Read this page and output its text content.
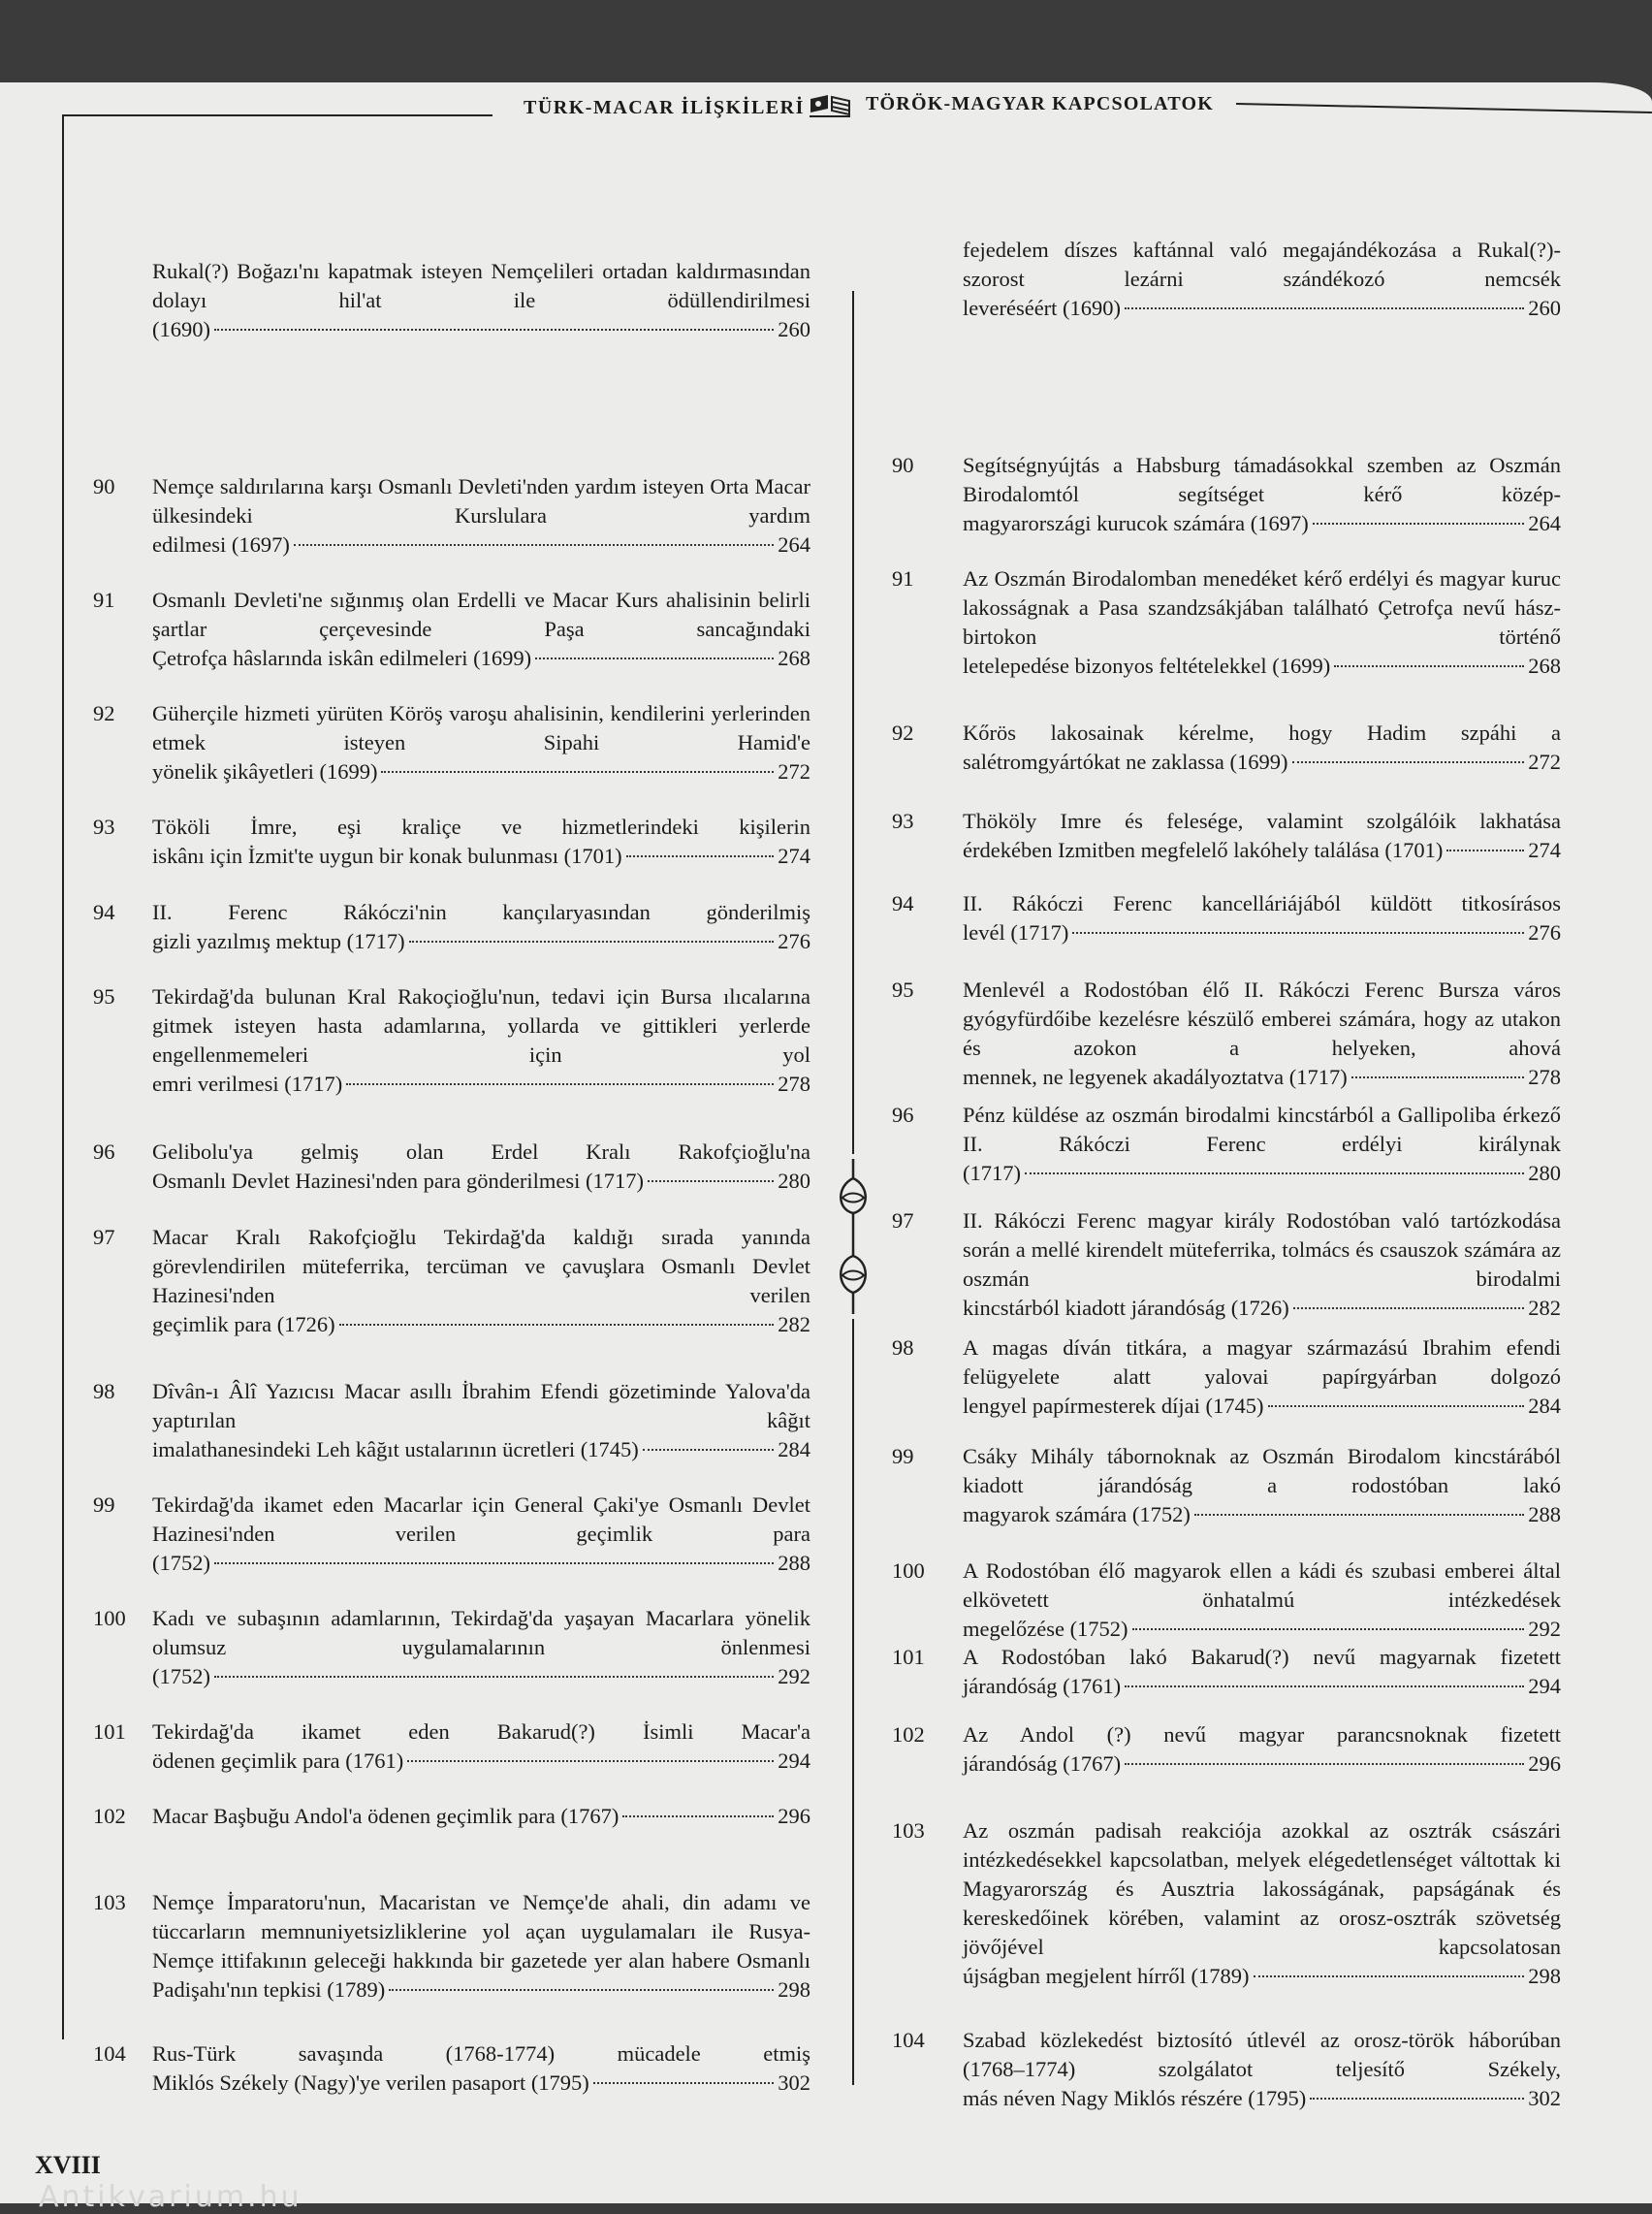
TÜRK-MACAR İLİŞKİLERİ	TÖRÖK-MAGYAR KAPCSOLATOK
Rukal(?) Boğazı'nı kapatmak isteyen Nemçelileri ortadan kaldırmasından dolayı hil'at ile ödüllendirilmesi
(1690)	260
90	Nemçe saldırılarına karşı Osmanlı Devleti'nden yardım isteyen Orta Macar ülkesindeki Kurslulara yardım
edilmesi (1697)	264
91	Osmanlı Devleti'ne sığınmış olan Erdelli ve Macar Kurs ahalisinin belirli şartlar çerçevesinde Paşa sancağındaki
Çetrofça hâslarında iskân edilmeleri (1699)	268
92	Güherçile hizmeti yürüten Köröş varoşu ahalisinin, kendilerini yerlerinden etmek isteyen Sipahi Hamid'e
yönelik şikâyetleri (1699)	272
93	Tököli İmre, eşi kraliçe ve hizmetlerindeki kişilerin
iskânı için İzmit'te uygun bir konak bulunması (1701)	274
94	II. Ferenc Rákóczi'nin kançılaryasından gönderilmiş
gizli yazılmış mektup (1717)	276
95	Tekirdağ'da bulunan Kral Rakoçioğlu'nun, tedavi için Bursa ılıcalarına gitmek isteyen hasta adamlarına, yollarda ve gittikleri yerlerde engellenmemeleri için yol
emri verilmesi (1717)	278
96	Gelibolu'ya gelmiş olan Erdel Kralı Rakofçioğlu'na
Osmanlı Devlet Hazinesi'nden para gönderilmesi (1717)	280
97	Macar Kralı Rakofçioğlu Tekirdağ'da kaldığı sırada yanında görevlendirilen müteferrika, tercüman ve çavuşlara Osmanlı Devlet Hazinesi'nden verilen
geçimlik para (1726)	282
98	Dîvân-ı Âlî Yazıcısı Macar asıllı İbrahim Efendi gözetiminde Yalova'da yaptırılan kâğıt
imalathanesindeki Leh kâğıt ustalarının ücretleri (1745)	284
99	Tekirdağ'da ikamet eden Macarlar için General Çaki'ye Osmanlı Devlet Hazinesi'nden verilen geçimlik para
(1752)	288
100	Kadı ve subaşının adamlarının, Tekirdağ'da yaşayan Macarlara yönelik olumsuz uygulamalarının önlenmesi
(1752)	292
101	Tekirdağ'da ikamet eden Bakarud(?) İsimli Macar'a
ödenen geçimlik para (1761)	294
102	Macar Başbuğu Andol'a ödenen geçimlik para (1767)	296
103	Nemçe İmparatoru'nun, Macaristan ve Nemçe'de ahali, din adamı ve tüccarların memnuniyetsizliklerine yol açan uygulamaları ile Rusya-Nemçe ittifakının geleceği hakkında bir gazetede yer alan habere Osmanlı
Padişahı'nın tepkisi (1789)	298
104	Rus-Türk savaşında (1768-1774) mücadele etmiş
Miklós Székely (Nagy)'ye verilen pasaport (1795)	302
fejedelem díszes kaftánnal való megajándékozása a Rukal(?)-szorost lezárni szándékozó nemcsék
leveréséért (1690)	260
90	Segítségnyújtás a Habsburg támadásokkal szemben az Oszmán Birodalomtól segítséget kérő közép-
magyarországi kurucok számára (1697)	264
91	Az Oszmán Birodalomban menedéket kérő erdélyi és magyar kuruc lakosságnak a Pasa szandzsákjában található Çetrofça nevű hász-birtokon történő
letelepedése bizonyos feltételekkel (1699)	268
92	Kőrös lakosainak kérelme, hogy Hadim szpáhi a
salétromgyártókat ne zaklassa (1699)	272
93	Thököly Imre és felesége, valamint szolgálóik lakhatása
érdekében Izmitben megfelelő lakóhely találása (1701)	274
94	II. Rákóczi Ferenc kancelláriájából küldött titkosírásos
levél (1717)	276
95	Menlevél a Rodostóban élő II. Rákóczi Ferenc Bursza város gyógyfürdőibe kezelésre készülő emberei számára, hogy az utakon és azokon a helyeken, ahová
mennek, ne legyenek akadályoztatva (1717)	278
96	Pénz küldése az oszmán birodalmi kincstárból a Gallipoliba érkező II. Rákóczi Ferenc erdélyi királynak
(1717)	280
97	II. Rákóczi Ferenc magyar király Rodostóban való tartózkodása során a mellé kirendelt müteferrika, tolmács és csauszok számára az oszmán birodalmi
kincstárból kiadott járandóság (1726)	282
98	A magas díván titkára, a magyar származású Ibrahim efendi felügyelete alatt yalovai papírgyárban dolgozó
lengyel papírmesterek díjai (1745)	284
99	Csáky Mihály tábornoknak az Oszmán Birodalom kincstárából kiadott járandóság a rodostóban lakó
magyarok számára (1752)	288
100	A Rodostóban élő magyarok ellen a kádi és szubasi emberei által elkövetett önhatalmú intézkedések
megelőzése (1752)	292
101	A Rodostóban lakó Bakarud(?) nevű magyarnak fizetett
járandóság (1761)	294
102	Az Andol (?) nevű magyar parancsnoknak fizetett
járandóság (1767)	296
103	Az oszmán padisah reakciója azokkal az osztrák császári intézkedésekkel kapcsolatban, melyek elégedetlenséget váltottak ki Magyarország és Ausztria lakosságának, papságának és kereskedőinek körében, valamint az orosz-osztrák szövetség jövőjével kapcsolatosan
újságban megjelent hírről (1789)	298
104	Szabad közlekedést biztosító útlevél az orosz-török háborúban (1768–1774) szolgálatot teljesítő Székely,
más néven Nagy Miklós részére (1795)	302
XVIII
Antikvarium.hu
